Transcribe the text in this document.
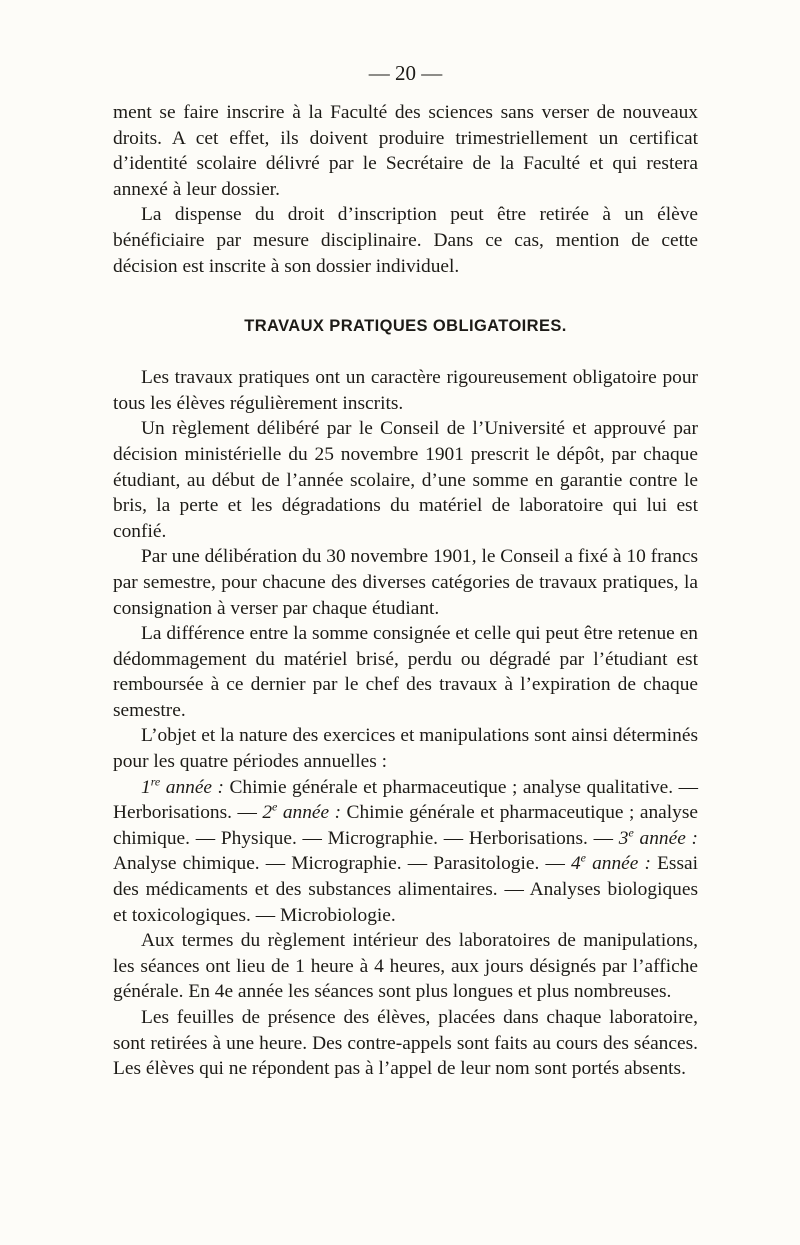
— 20 —

ment se faire inscrire à la Faculté des sciences sans verser de nouveaux droits. A cet effet, ils doivent produire trimestriellement un certificat d’identité scolaire délivré par le Secrétaire de la Faculté et qui restera annexé à leur dossier.

La dispense du droit d’inscription peut être retirée à un élève bénéficiaire par mesure disciplinaire. Dans ce cas, mention de cette décision est inscrite à son dossier individuel.

TRAVAUX PRATIQUES OBLIGATOIRES.

Les travaux pratiques ont un caractère rigoureusement obligatoire pour tous les élèves régulièrement inscrits.

Un règlement délibéré par le Conseil de l’Université et approuvé par décision ministérielle du 25 novembre 1901 prescrit le dépôt, par chaque étudiant, au début de l’année scolaire, d’une somme en garantie contre le bris, la perte et les dégradations du matériel de laboratoire qui lui est confié.

Par une délibération du 30 novembre 1901, le Conseil a fixé à 10 francs par semestre, pour chacune des diverses catégories de travaux pratiques, la consignation à verser par chaque étudiant.

La différence entre la somme consignée et celle qui peut être retenue en dédommagement du matériel brisé, perdu ou dégradé par l’étudiant est remboursée à ce dernier par le chef des travaux à l’expiration de chaque semestre.

L’objet et la nature des exercices et manipulations sont ainsi déterminés pour les quatre périodes annuelles :

1re année : Chimie générale et pharmaceutique ; analyse qualitative. — Herborisations. — 2e année : Chimie générale et pharmaceutique ; analyse chimique. — Physique. — Micrographie. — Herborisations. — 3e année : Analyse chimique. — Micrographie. — Parasitologie. — 4e année : Essai des médicaments et des substances alimentaires. — Analyses biologiques et toxicologiques. — Microbiologie.

Aux termes du règlement intérieur des laboratoires de manipulations, les séances ont lieu de 1 heure à 4 heures, aux jours désignés par l’affiche générale. En 4e année les séances sont plus longues et plus nombreuses.

Les feuilles de présence des élèves, placées dans chaque laboratoire, sont retirées à une heure. Des contre-appels sont faits au cours des séances. Les élèves qui ne répondent pas à l’appel de leur nom sont portés absents.
